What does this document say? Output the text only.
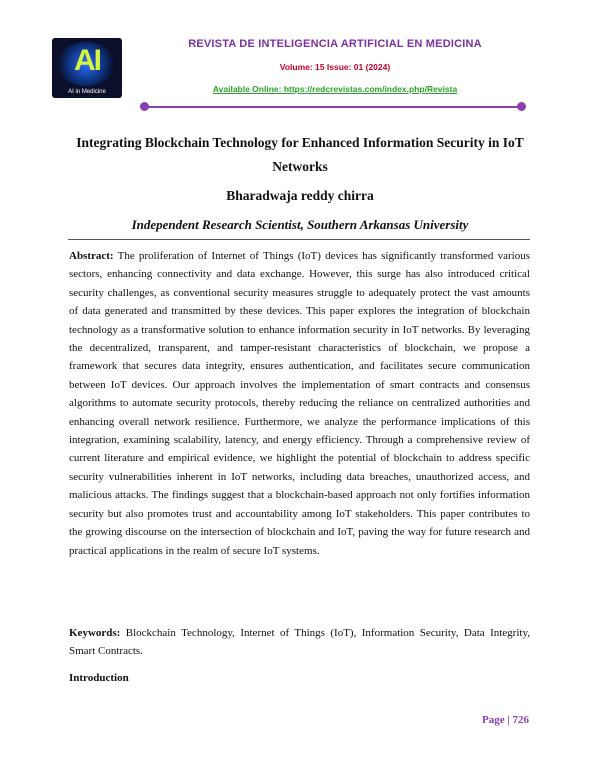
AI
AI in Medicine
REVISTA DE INTELIGENCIA ARTIFICIAL EN MEDICINA
Volume: 15 Issue: 01 (2024)
Available Online: https://redcrevistas.com/index.php/Revista
Integrating Blockchain Technology for Enhanced Information Security in IoT Networks
Bharadwaja reddy chirra
Independent Research Scientist, Southern Arkansas University
Abstract: The proliferation of Internet of Things (IoT) devices has significantly transformed various sectors, enhancing connectivity and data exchange. However, this surge has also introduced critical security challenges, as conventional security measures struggle to adequately protect the vast amounts of data generated and transmitted by these devices. This paper explores the integration of blockchain technology as a transformative solution to enhance information security in IoT networks. By leveraging the decentralized, transparent, and tamper-resistant characteristics of blockchain, we propose a framework that secures data integrity, ensures authentication, and facilitates secure communication between IoT devices. Our approach involves the implementation of smart contracts and consensus algorithms to automate security protocols, thereby reducing the reliance on centralized authorities and enhancing overall network resilience. Furthermore, we analyze the performance implications of this integration, examining scalability, latency, and energy efficiency. Through a comprehensive review of current literature and empirical evidence, we highlight the potential of blockchain to address specific security vulnerabilities inherent in IoT networks, including data breaches, unauthorized access, and malicious attacks. The findings suggest that a blockchain-based approach not only fortifies information security but also promotes trust and accountability among IoT stakeholders. This paper contributes to the growing discourse on the intersection of blockchain and IoT, paving the way for future research and practical applications in the realm of secure IoT systems.
Keywords: Blockchain Technology, Internet of Things (IoT), Information Security, Data Integrity, Smart Contracts.
Introduction
Page | 726
